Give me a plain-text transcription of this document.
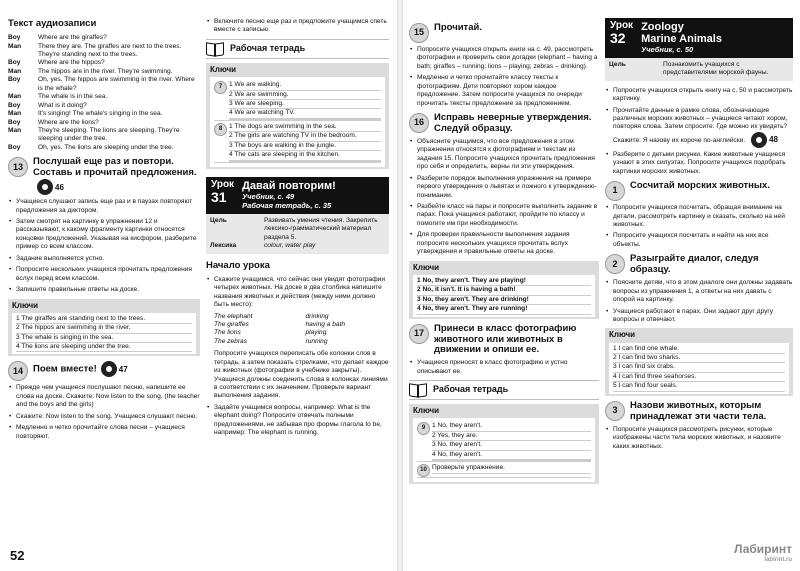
Текст аудиозаписи
Boy	Where are the giraffes?
Man	There they are. The giraffes are next to the trees. They're standing next to the trees.
Boy	Where are the hippos?
Man	The hippos are in the river. They're swimming.
Boy	Oh, yes. The hippos are swimming in the river. Where is the whale?
Man	The whale is in the sea.
Boy	What is it doing?
Man	It's singing! The whale's singing in the sea.
Boy	Where are the lions?
Man	They're sleeping. The lions are sleeping. They're sleeping under the tree.
Boy	Oh, yes. The lions are sleeping under the tree.
13	Послушай еще раз и повтори. Составь и прочитай предложения.46
• Учащиеся слушают запись еще раз и в паузах повторяют предложения за диктором.
• Затем смотрят на картинку в упражнении 12 и рассказывают, к какому фрагменту картинки относятся концовки предложений. Указывая на кисфором, разберите пример со всем классом.
• Задание выполняется устно.
• Попросите нескольких учащихся прочитать предложения вслух перед всем классом.
• Запишите правильные ответы на доске.
Ключи
1 The giraffes are standing next to the trees.
2 The hippos are swimming in the river.
3 The whale is singing in the sea.
4 The lions are sleeping under the tree.
14	Поем вместе!	47
• Прежде чем учащиеся послушают песню, напишите ее слова на доске. Скажите: Now listen to the song. (the teacher and the boys and the girls)
• Скажите: Now listen to the song. Учащиеся слушают песню.
• Медленно и четко прочитайте слова песни – учащиеся повторяют.
• Включите песню еще раз и предложите учащимся спеть вместе с записью.
Рабочая тетрадь
Ключи
7	1 We are walking.
2 We are swimming.
3 We are sleeping.
4 We are watching TV.
8	1 The dogs are swimming in the sea.
2 The girls are watching TV in the bedroom.
3 The boys are walking in the jungle.
4 The cats are sleeping in the kitchen.
Урок
31
Давай повторим!
Учебник, с. 49
Рабочая тетрадь, с. 35
Цель	Развивать умения чтения. Закрепить лексико-грамматический материал раздела 5.
Лексика	colour, water play
Начало урока
• Скажите учащимся, что сейчас они увидят фотографии четырех животных. На доске в два столбика напишите названия животных и действия (между ними должно быть место):
The elephant	drinking
The giraffes	having a bath
The lions	playing
The zebras	running
Попросите учащихся переписать обе колонки слов в тетрадь, а затем показать стрелками, что делает каждое из животных (фотографии в учебнике закрыты). Учащиеся должны соединить слова в колонках линиями в соответствии с их значением. Проверьте вариант выполнения задания.
• Задайте учащимся вопросы, например: What is the elephant doing? Попросите отвечать полными предложениями, не забывая про формы глагола to be, например: The elephant is running.
52
15	Прочитай.
• Попросите учащихся открыть книги на с. 49, рассмотреть фотографии и проверить свои догадки (elephant – having a bath; giraffes – running; lions – playing; zebras – drinking).
• Медленно и четко прочитайте классу тексты к фотографиям. Дети повторяют хором каждое предложение. Затем попросите учащихся по очереди прочитать тексты предложение за предложением.
16	Исправь неверные утверждения. Следуй образцу.
• Объясните учащимся, что все предложения в этом упражнении относятся к фотографиям и текстам из задания 15. Попросите учащихся прочитать предложения про себя и определить, верны ли эти утверждения.
• Разберите порядок выполнения упражнения на примере первого утверждения о львятах и ложного к утверждению-понимании.
• Разбейте класс на пары и попросите выполнить задание в парах. Пока учащиеся работают, пройдите по классу и помогите им при необходимости.
• Для проверки правильности выполнения задания попросите нескольких учащихся прочитать вслух утверждения и правильные ответы на доске.
Ключи
1 No, they aren't. They are playing!
2 No, it isn't. It is having a bath!
3 No, they aren't. They are drinking!
4 No, they aren't. They are running!
17	Принеси в класс фотографию животного или животных в движении и опиши ее.
• Учащиеся приносят в класс фотографию и устно описывают ее.
Рабочая тетрадь
Ключи
9	1 No, they aren't.
2 Yes, they are.
3 No, they aren't.
4 No, they aren't.
10 Проверьте упражнение.
Урок
32
Zoology
Marine Animals
Учебник, с. 50
Цель	Познакомить учащихся с представителями морской фауны.
• Попросите учащихся открыть книгу на с. 50 и рассмотреть картинку.
• Прочитайте данные в рамке слова, обозначающие различных морских животных – учащиеся читают хором, повторяя слова. Затем спросите: Где можно их увидеть? Скажите: Я назову их короче по-английски.	48
• Разберите с детьми рисунки. Какие животные учащиеся узнают в этих силуэтах. Попросите учащихся подобрать картинки морских животных.
1	Сосчитай морских животных.
• Попросите учащихся посчитать, обращая внимание на детали, рассмотреть картинку и сказать, сколько на ней животных.
• Попросите учащихся посчитать и найти на них все объекты.
2	Разыграйте диалог, следуя образцу.
• Поясните детям, что в этом диалоге они должны задавать вопросы из упражнения 1, а ответы на них давать с опорой на картинку.
• Учащиеся работают в парах. Они задают друг другу вопросы и отвечают.
Ключи
1 I can find one whale.
2 I can find two sharks.
3 I can find six crabs.
4 I can find three seahorses.
5 I can find four seals.
3	Назови животных, которым принадлежат эти части тела.
• Попросите учащихся рассмотреть рисунки, которые изображены части тела морских животных, и назовите каких животных.
Лабиринт
labirint.ru
